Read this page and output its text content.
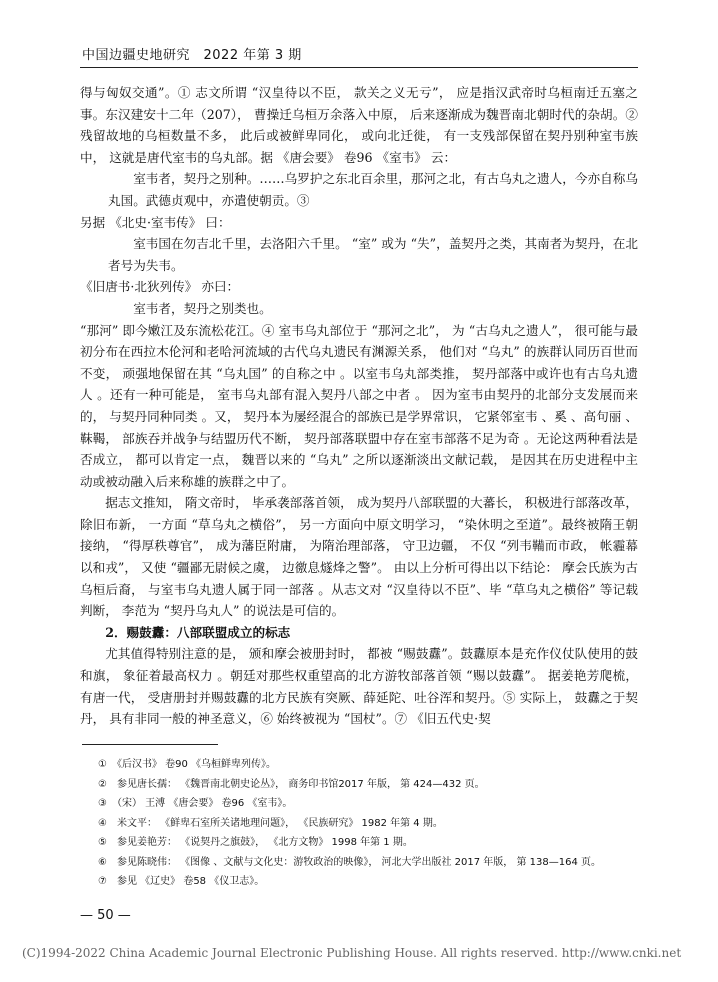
中国边疆史地研究　2022 年第 3 期

得与匈奴交通”。① 志文所谓 “汉皇待以不臣， 款关之义无亏”， 应是指汉武帝时乌桓南迁五塞之事。东汉建安十二年（207）， 曹操迁乌桓万余落入中原， 后来逐渐成为魏晋南北朝时代的杂胡。② 残留故地的乌桓数量不多， 此后或被鲜卑同化， 或向北迁徙， 有一支残部保留在契丹别种室韦族中， 这就是唐代室韦的乌丸部。据 《唐会要》 卷96 《室韦》 云：

室韦者，契丹之别种。……乌罗护之东北百余里，那河之北，有古乌丸之遗人，今亦自称乌丸国。武德贞观中，亦遣使朝贡。③

另据 《北史·室韦传》 曰：

室韦国在勿吉北千里，去洛阳六千里。 “室” 或为 “失”，盖契丹之类，其南者为契丹，在北者号为失韦。

《旧唐书·北狄列传》 亦曰：

室韦者，契丹之别类也。

“那河” 即今嫩江及东流松花江。④ 室韦乌丸部位于 “那河之北”， 为 “古乌丸之遗人”， 很可能与最初分布在西拉木伦河和老哈河流域的古代乌丸遗民有渊源关系， 他们对 “乌丸” 的族群认同历百世而不变， 顽强地保留在其 “乌丸国” 的自称之中 。以室韦乌丸部类推， 契丹部落中或许也有古乌丸遗人 。还有一种可能是， 室韦乌丸部有混入契丹八部之中者 。 因为室韦由契丹的北部分支发展而来的， 与契丹同种同类 。又， 契丹本为屡经混合的部族已是学界常识， 它紧邻室韦 、奚 、高句丽 、靺鞨， 部族吞并战争与结盟历代不断， 契丹部落联盟中存在室韦部落不足为奇 。无论这两种看法是否成立， 都可以肯定一点， 魏晋以来的 “乌丸” 之所以逐渐淡出文献记载， 是因其在历史进程中主动或被动融入后来称雄的族群之中了。

据志文推知， 隋文帝时， 毕承袭部落首领， 成为契丹八部联盟的大蕃长， 积极进行部落改革， 除旧布新， 一方面 “草乌丸之横俗”， 另一方面向中原文明学习， “染休明之至道”。最终被隋王朝接纳， “得厚秩尊官”， 成为藩臣附庸， 为隋治理部落， 守卫边疆， 不仅 “列韦鞴而市政， 帐霾幕以和戎”， 又使 “疆鄙无尉候之虞， 边徼息燧烽之警”。 由以上分析可得出以下结论： 摩会氏族为古乌桓后裔， 与室韦乌丸遗人属于同一部落 。从志文对 “汉皇待以不臣”、毕 “草乌丸之横俗” 等记载判断， 李范为 “契丹乌丸人” 的说法是可信的。

2．赐鼓纛：八部联盟成立的标志

尤其值得特别注意的是， 颁和摩会被册封时， 都被 “赐鼓纛”。鼓纛原本是充作仪仗队使用的鼓和旗， 象征着最高权力 。朝廷对那些权重望高的北方游牧部落首领 “赐以鼓纛”。 据姜艳芳爬梳， 有唐一代， 受唐册封并赐鼓纛的北方民族有突厥、薛延陀、吐谷浑和契丹。⑤ 实际上， 鼓纛之于契丹， 具有非同一般的神圣意义，⑥ 始终被视为 “国杖”。⑦ 《旧五代史·契

①　《后汉书》 卷90 《乌桓鲜卑列传》。
②　参见唐长孺： 《魏晋南北朝史论丛》， 商务印书馆2017 年版， 第 424—432 页。
③　（宋） 王溥 《唐会要》 卷96 《室韦》。
④　米文平： 《鲜卑石室所关诸地理问题》， 《民族研究》 1982 年第 4 期。
⑤　参见姜艳芳： 《说契丹之旗鼓》， 《北方文物》 1998 年第 1 期。
⑥　参见陈晓伟： 《图像 、文献与文化史：游牧政治的映像》， 河北大学出版社 2017 年版， 第 138—164 页。
⑦　参见 《辽史》 卷58 《仪卫志》。
— 50 —
(C)1994-2022 China Academic Journal Electronic Publishing House. All rights reserved. http://www.cnki.net
